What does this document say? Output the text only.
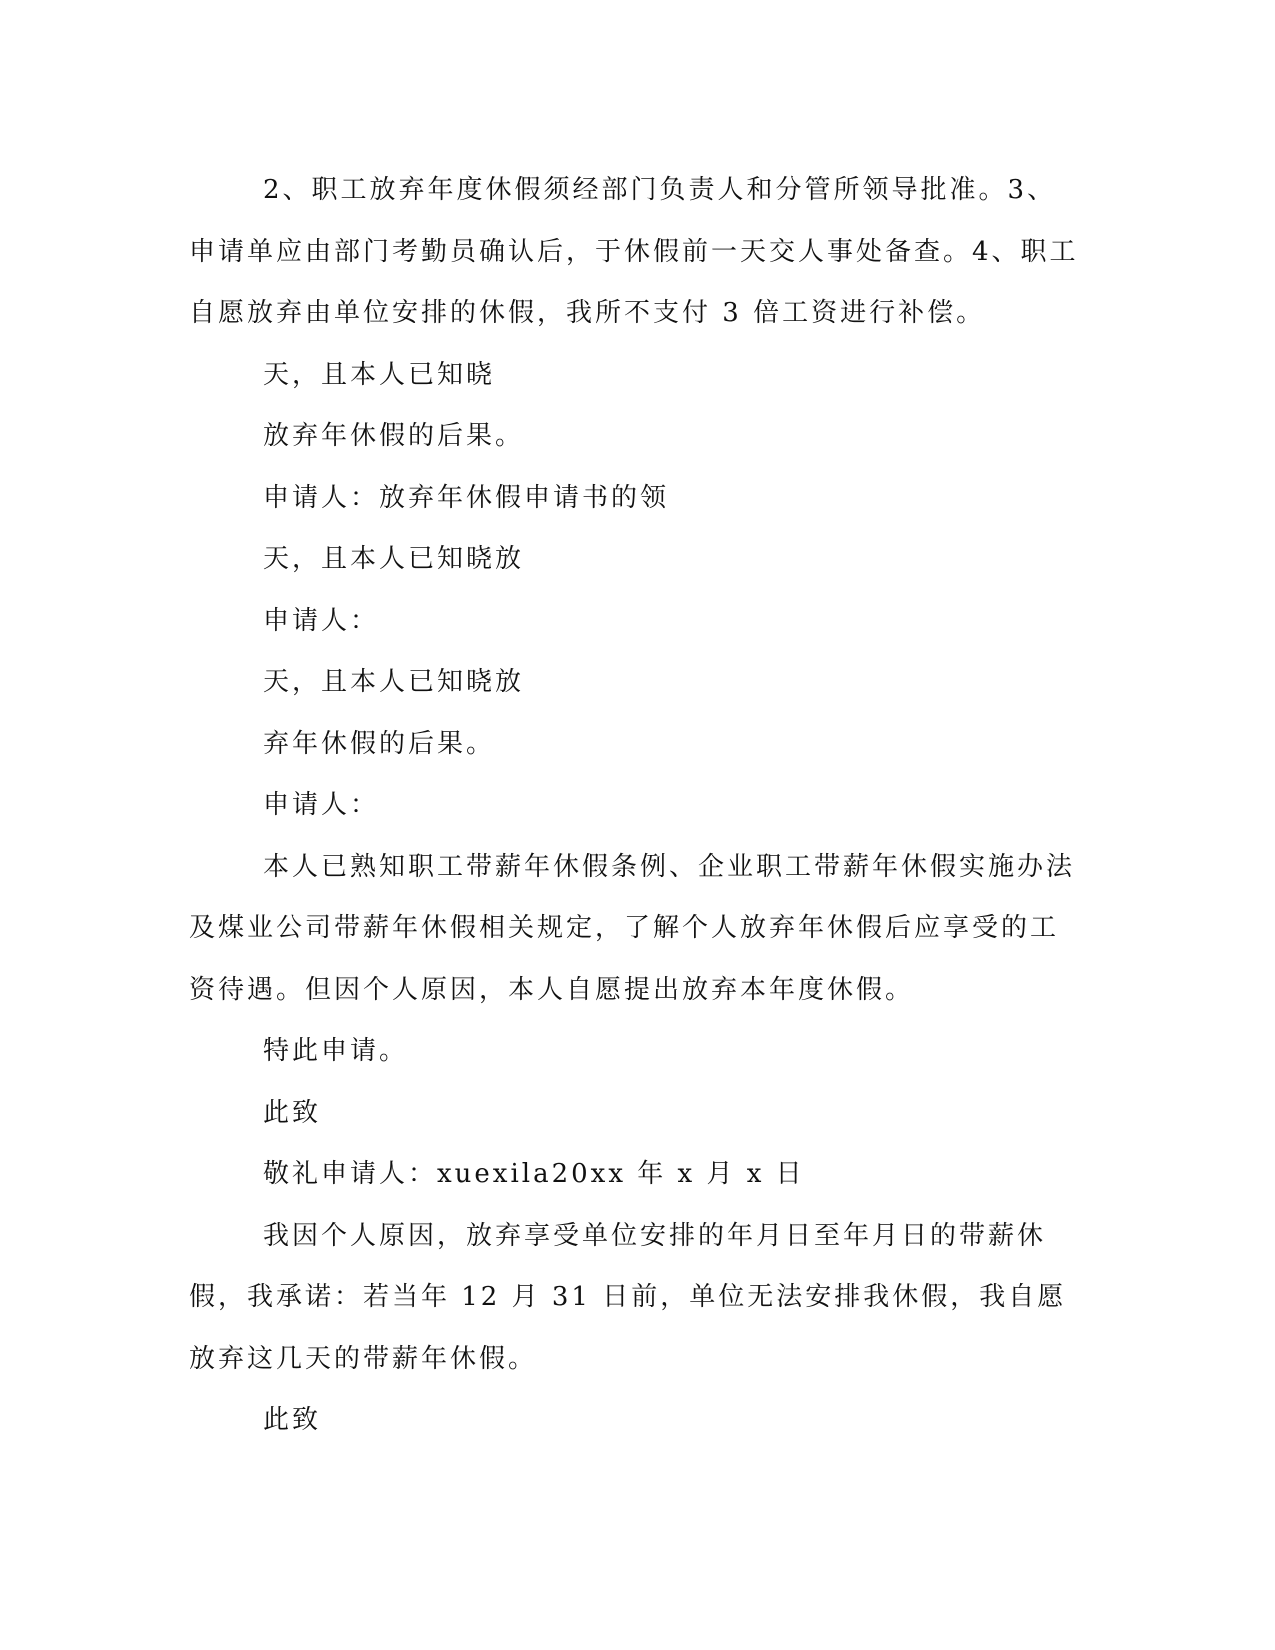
2、职工放弃年度休假须经部门负责人和分管所领导批准。3、申请单应由部门考勤员确认后，于休假前一天交人事处备查。4、职工自愿放弃由单位安排的休假，我所不支付 3 倍工资进行补偿。

天，且本人已知晓

放弃年休假的后果。

申请人：放弃年休假申请书的领

天，且本人已知晓放

申请人：

天，且本人已知晓放

弃年休假的后果。

申请人：

本人已熟知职工带薪年休假条例、企业职工带薪年休假实施办法及煤业公司带薪年休假相关规定，了解个人放弃年休假后应享受的工资待遇。但因个人原因，本人自愿提出放弃本年度休假。

特此申请。

此致

敬礼申请人：xuexila20xx 年 x 月 x 日

我因个人原因，放弃享受单位安排的年月日至年月日的带薪休假，我承诺：若当年 12 月 31 日前，单位无法安排我休假，我自愿放弃这几天的带薪年休假。

此致
